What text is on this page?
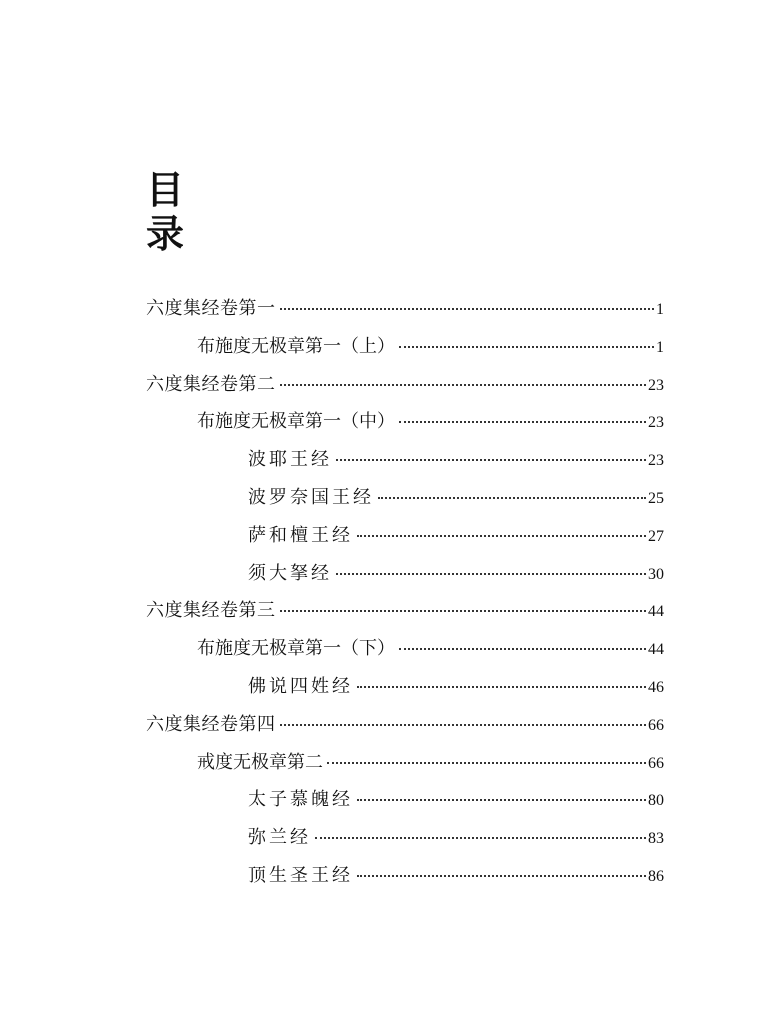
目
录
六度集经卷第一	1
布施度无极章第一（上）	1
六度集经卷第二	23
布施度无极章第一（中）	23
波耶王经	23
波罗奈国王经	25
萨和檀王经	27
须大拏经	30
六度集经卷第三	44
布施度无极章第一（下）	44
佛说四姓经	46
六度集经卷第四	66
戒度无极章第二	66
太子慕魄经	80
弥兰经	83
顶生圣王经	86
